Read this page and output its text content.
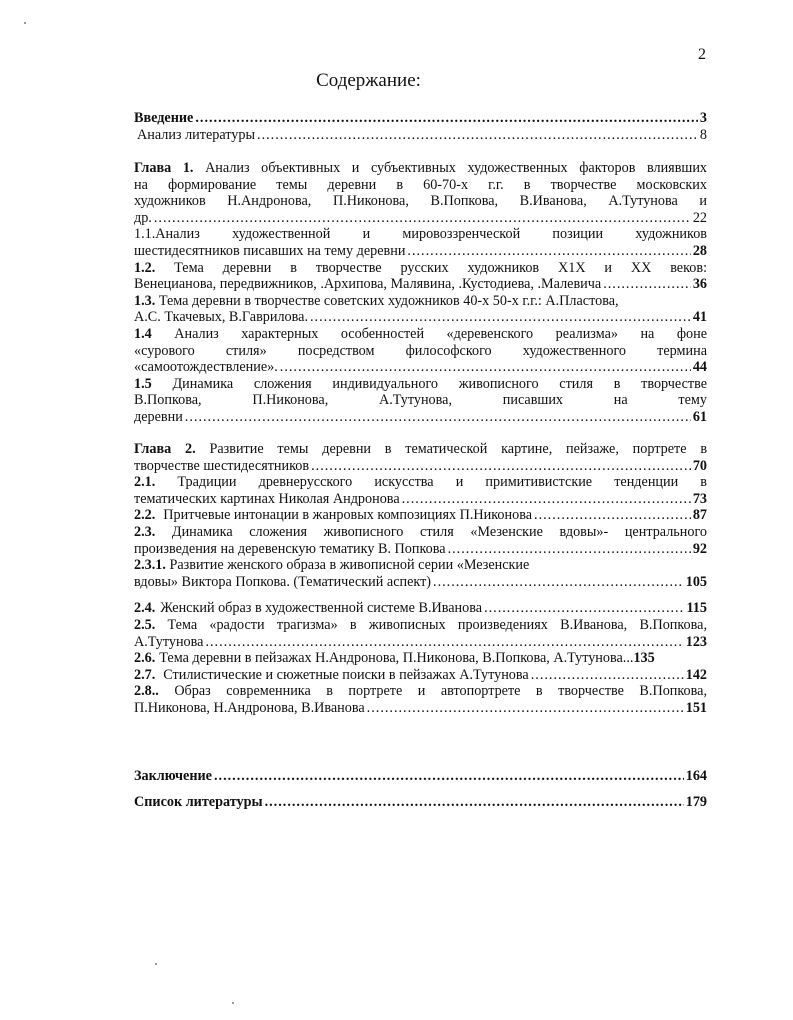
2
Содержание:
Введение .....	3
Анализ литературы .....	8
Глава 1. Анализ объективных и субъективных художественных факторов влиявших
на формирование темы деревни в 60-70-х г.г. в творчестве московских
художников Н.Андронова, П.Никонова, В.Попкова, В.Иванова, А.Тутунова и
др. .....	22
1.1.Анализ художественной и мировоззренческой позиции художников
шестидесятников писавших на тему деревни .....	28
1.2. Тема деревни в творчестве русских художников Х1Х и ХХ веков:
Венецианова, передвижников, .Архипова, Малявина, .Кустодиева, .Малевича .....	36
1.3. Тема деревни в творчестве советских художников 40-х 50-х г.г.: А.Пластова,
А.С. Ткачевых, В.Гаврилова. .....	41
1.4 Анализ характерных особенностей «деревенского реализма» на фоне
«сурового стиля» посредством философского художественного термина
«самоотождествление». .....	44
1.5 Динамика сложения индивидуального живописного стиля в творчестве
В.Попкова, П.Никонова, А.Тутунова, писавших на тему
деревни .....	61
Глава 2. Развитие темы деревни в тематической картине, пейзаже, портрете в
творчестве шестидесятников .....	70
2.1. Традиции древнерусского искусства и примитивистские тенденции в
тематических картинах Николая Андронова .....	73
2.2. Притчевые интонации в жанровых композициях П.Никонова .....	87
2.3. Динамика сложения живописного стиля «Мезенские вдовы»- центрального
произведения на деревенскую тематику В. Попкова .....	92
2.3.1. Развитие женского образа в живописной серии «Мезенские
вдовы» Виктора Попкова. (Тематический аспект) .....	105
2.4. Женский образ в художественной системе В.Иванова .....	115
2.5. Тема «радости трагизма» в живописных произведениях В.Иванова, В.Попкова,
А.Тутунова .....	123
2.6. Тема деревни в пейзажах Н.Андронова, П.Никонова, В.Попкова, А.Тутунова... 135
2.7. Стилистические и сюжетные поиски в пейзажах А.Тутунова .....	142
2.8.. Образ современника в портрете и автопортрете в творчестве В.Попкова,
П.Никонова, Н.Андронова, В.Иванова .....	151
Заключение .....	164
Список литературы .....	179
